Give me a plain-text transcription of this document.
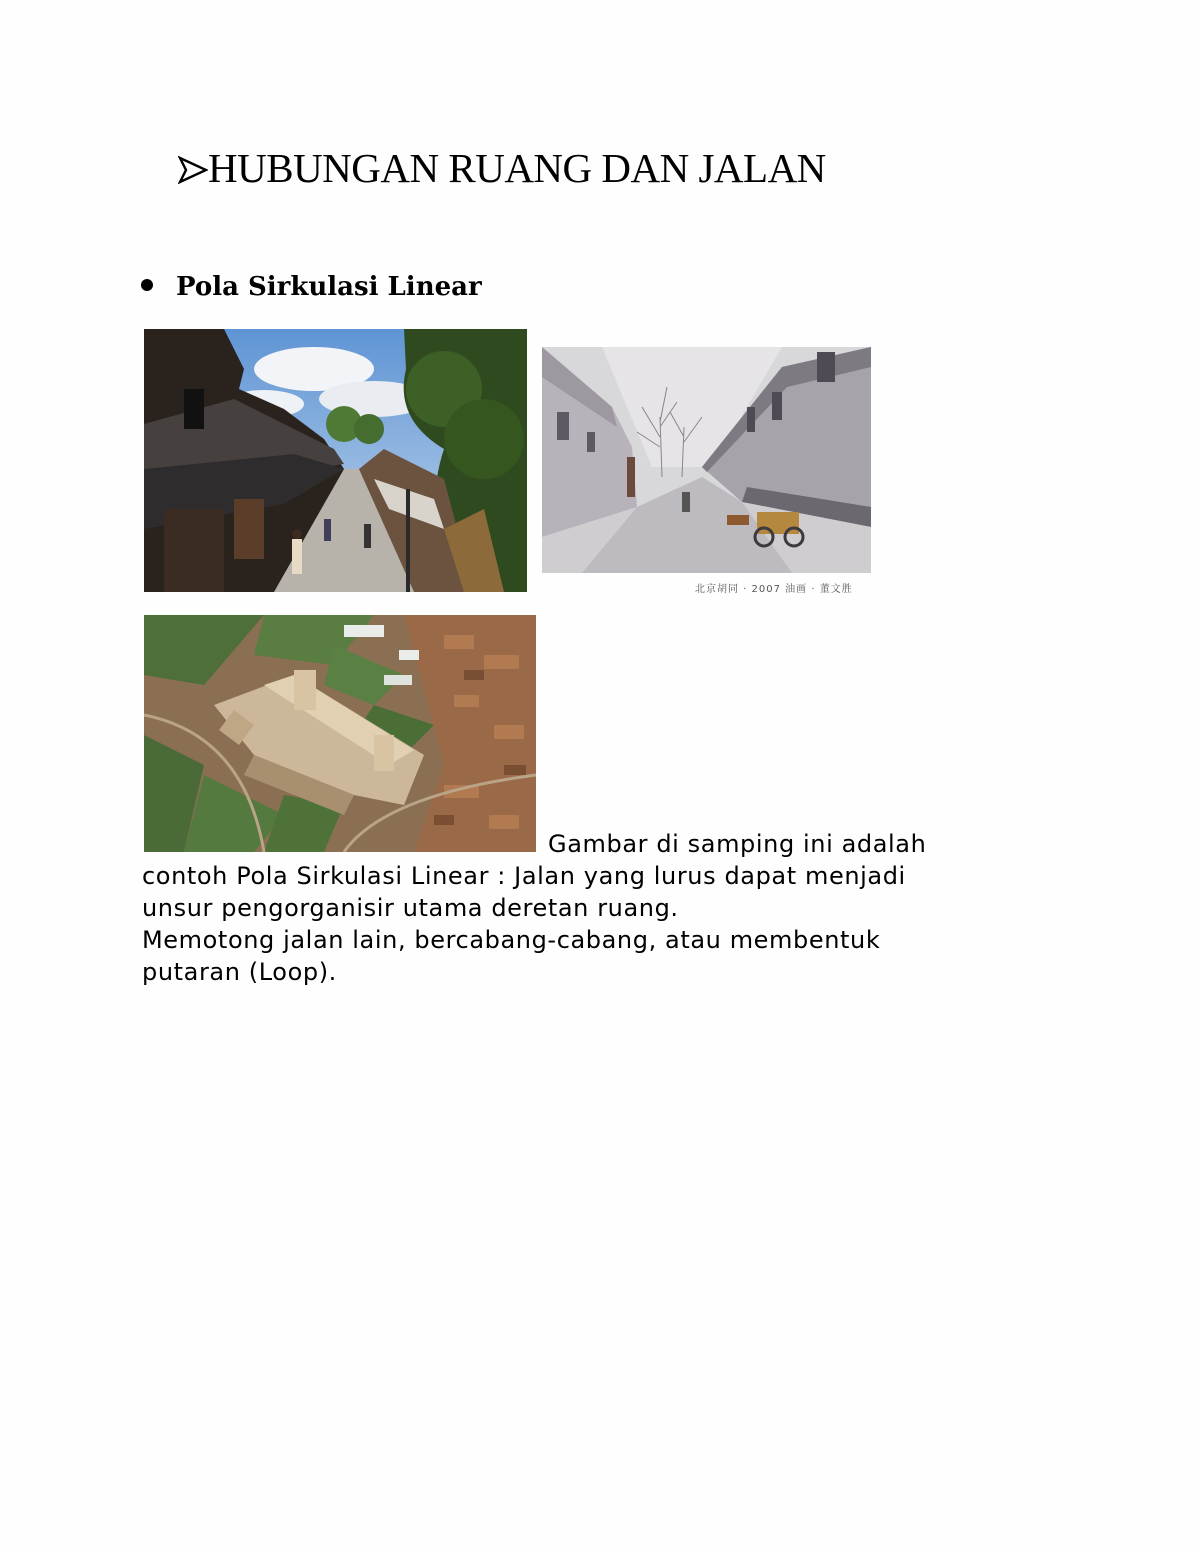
HUBUNGAN RUANG DAN JALAN
Pola Sirkulasi Linear
北京胡同 · 2007 油画 · 董文胜
Gambar di samping ini adalah
contoh Pola Sirkulasi Linear : Jalan yang lurus dapat menjadi
unsur pengorganisir utama deretan ruang.
Memotong jalan lain, bercabang-cabang, atau membentuk
putaran (Loop).
